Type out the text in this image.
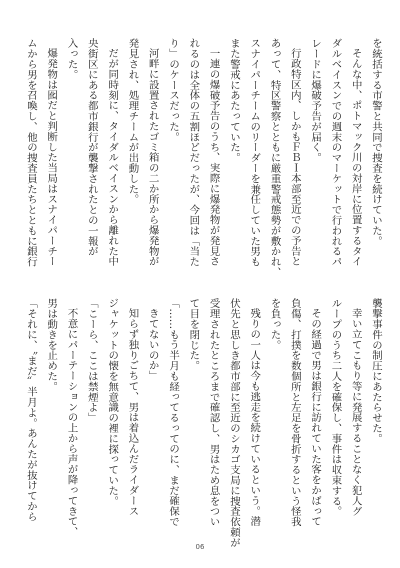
を統括する市警と共同で捜査を続けていた。

そんな中、ポトマック川の対岸に位置するタイ

ダルベイスンでの週末のマーケットで行われるパ

レードに爆破予告が届く。

行政特区内、しかもＦＢＩ本部至近での予告と

あって、特区警察とともに厳重警戒態勢が敷かれ、

スナイパーチームのリーダーを兼任していた男も

また警戒にあたっていた。

一連の爆破予告のうち、実際に爆発物が発見さ

れるのは全体の五割ほどだったが、今回は「当た

り」のケースだった。

河畔に設置されたゴミ箱の二か所から爆発物が

発見され、処理チームが出動した。

だが同時刻に、タイダルベイスンから離れた中

央街区にある都市銀行が襲撃されたとの一報が

入った。

爆発物は囮だと判断した当局はスナイパーチー

ムから男を召喚し、他の捜査員たちとともに銀行

襲撃事件の制圧にあたらせた。

幸い立てこもり等に発展することなく犯人グ

ループのうち二人を確保し、事件は収束する。

その経過で男は銀行に訪れていた客をかばって

負傷、打撲を数個所と左足を骨折するという怪我

を負った。

残りの一人は今も逃走を続けているという。潜

伏先と思しき都市部に至近のシカゴ支局に捜査依頼が

受理されたところまで確認し、男はため息をつい

て目を閉じた。

「……もう半月も経ってるってのに、まだ確保で

きてないのか」

知らず独りごちて、男は着込んだライダース

ジャケットの懐を無意識の裡に探っていた。

「こーら、ここは禁煙よ」

不意にパーテーションの上から声が降ってきて、

男は動きを止めた。

「それに、〝まだ〟半月よ。あんたが抜けてから

06
